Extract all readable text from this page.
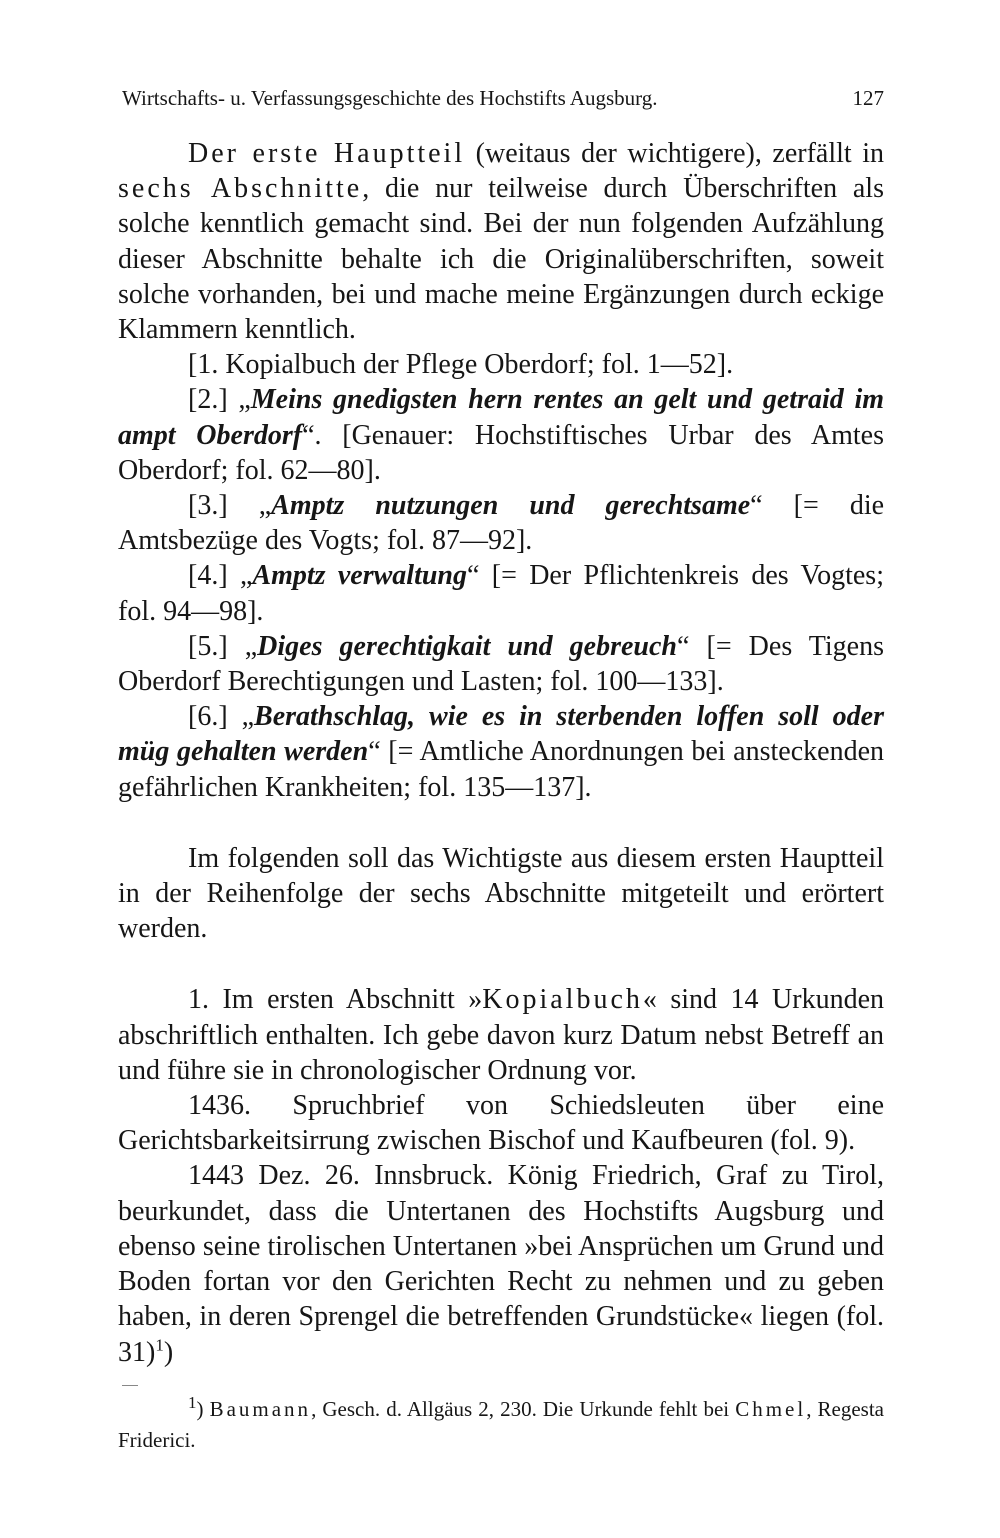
Wirtschafts- u. Verfassungsgeschichte des Hochstifts Augsburg.	127

Der erste Hauptteil (weitaus der wichtigere), zerfällt in sechs Abschnitte, die nur teilweise durch Überschriften als solche kenntlich gemacht sind. Bei der nun folgenden Aufzählung dieser Abschnitte behalte ich die Originalüberschriften, soweit solche vorhanden, bei und mache meine Ergänzungen durch eckige Klammern kenntlich.

[1. Kopialbuch der Pflege Oberdorf; fol. 1—52].

[2.] „Meins gnedigsten hern rentes an gelt und getraid im ampt Oberdorf“. [Genauer: Hochstiftisches Urbar des Amtes Oberdorf; fol. 62—80].

[3.] „Amptz nutzungen und gerechtsame“ [= die Amtsbezüge des Vogts; fol. 87—92].

[4.] „Amptz verwaltung“ [= Der Pflichtenkreis des Vogtes; fol. 94—98].

[5.] „Diges gerechtigkait und gebreuch“ [= Des Tigens Oberdorf Berechtigungen und Lasten; fol. 100—133].

[6.] „Berathschlag, wie es in sterbenden loffen soll oder müg gehalten werden“ [= Amtliche Anordnungen bei ansteckenden gefährlichen Krankheiten; fol. 135—137].

Im folgenden soll das Wichtigste aus diesem ersten Hauptteil in der Reihenfolge der sechs Abschnitte mitgeteilt und erörtert werden.

1. Im ersten Abschnitt »Kopialbuch« sind 14 Urkunden abschriftlich enthalten. Ich gebe davon kurz Datum nebst Betreff an und führe sie in chronologischer Ordnung vor.

1436. Spruchbrief von Schiedsleuten über eine Gerichtsbarkeitsirrung zwischen Bischof und Kaufbeuren (fol. 9).

1443 Dez. 26. Innsbruck. König Friedrich, Graf zu Tirol, beurkundet, dass die Untertanen des Hochstifts Augsburg und ebenso seine tirolischen Untertanen »bei Ansprüchen um Grund und Boden fortan vor den Gerichten Recht zu nehmen und zu geben haben, in deren Sprengel die betreffenden Grundstücke« liegen (fol. 31)$^1$)

$^1$) Baumann, Gesch. d. Allgäus 2, 230. Die Urkunde fehlt bei Chmel, Regesta Friderici.
